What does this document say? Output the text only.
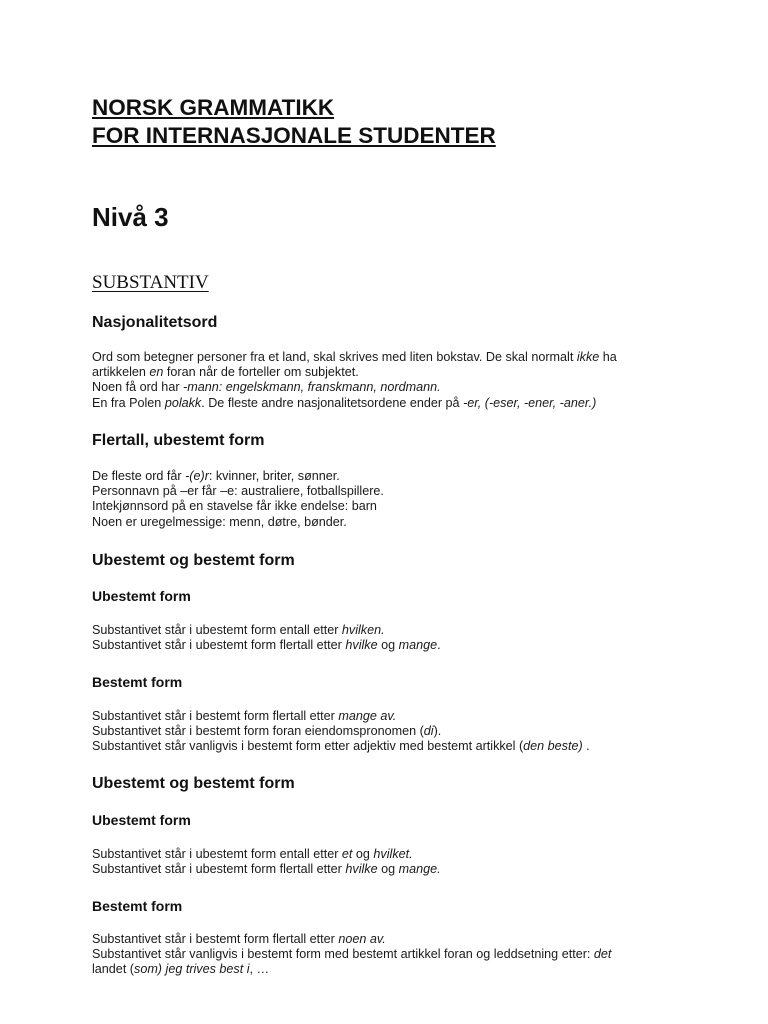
NORSK GRAMMATIKK
FOR INTERNASJONALE STUDENTER
Nivå 3
SUBSTANTIV
Nasjonalitetsord
Ord som betegner personer fra et land, skal skrives med liten bokstav. De skal normalt ikke ha
artikkelen en foran når de forteller om subjektet.
Noen få ord har -mann: engelskmann, franskmann, nordmann.
En fra Polen polakk. De fleste andre nasjonalitetsordene ender på -er, (-eser, -ener, -aner.)
Flertall, ubestemt form
De fleste ord får -(e)r: kvinner, briter, sønner.
Personnavn på –er får –e: australiere, fotballspillere.
Intekjønnsord på en stavelse får ikke endelse: barn
Noen er uregelmessige: menn, døtre, bønder.
Ubestemt og bestemt form
Ubestemt form
Substantivet står i ubestemt form entall etter hvilken.
Substantivet står i ubestemt form flertall etter hvilke og mange.
Bestemt form
Substantivet står i bestemt form flertall etter mange av.
Substantivet står i bestemt form foran eiendomspronomen (di).
Substantivet står vanligvis i bestemt form etter adjektiv med bestemt artikkel (den beste) .
Ubestemt og bestemt form
Ubestemt form
Substantivet står i ubestemt form entall etter et og hvilket.
Substantivet står i ubestemt form flertall etter hvilke og mange.
Bestemt form
Substantivet står i bestemt form flertall etter noen av.
Substantivet står vanligvis i bestemt form med bestemt artikkel foran og leddsetning etter: det
landet (som) jeg trives best i, …
